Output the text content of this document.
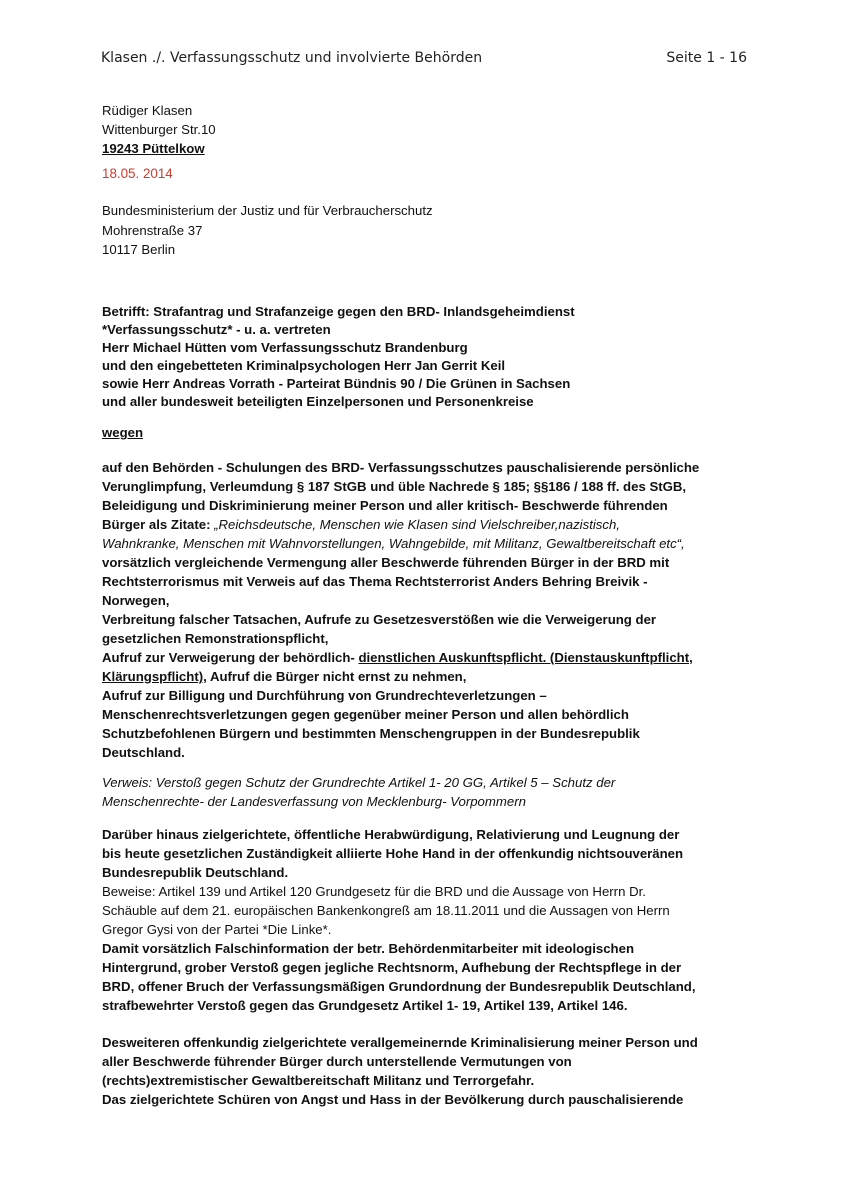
Klasen ./. Verfassungsschutz und involvierte Behörden	Seite 1 - 16
Rüdiger Klasen
Wittenburger Str.10
19243 Püttelkow
18.05. 2014
Bundesministerium der Justiz und für Verbraucherschutz
Mohrenstraße 37
10117 Berlin
Betrifft: Strafantrag und Strafanzeige gegen den BRD- Inlandsgeheimdienst
*Verfassungsschutz* - u. a. vertreten
Herr Michael Hütten vom Verfassungsschutz Brandenburg
und den eingebetteten Kriminalpsychologen Herr Jan Gerrit Keil
sowie Herr Andreas Vorrath - Parteirat Bündnis 90 / Die Grünen in Sachsen
und aller bundesweit beteiligten Einzelpersonen und Personenkreise
wegen
auf den Behörden - Schulungen des BRD- Verfassungsschutzes pauschalisierende persönliche
Verunglimpfung, Verleumdung § 187 StGB und üble Nachrede § 185; §§186 / 188 ff. des StGB,
Beleidigung und Diskriminierung meiner Person und aller kritisch- Beschwerde führenden
Bürger als Zitate: „Reichsdeutsche, Menschen wie Klasen sind Vielschreiber,nazistisch,
Wahnkranke, Menschen mit Wahnvorstellungen, Wahngebilde, mit Militanz, Gewaltbereitschaft etc“,
vorsätzlich vergleichende Vermengung aller Beschwerde führenden Bürger in der BRD mit
Rechtsterrorismus mit Verweis auf das Thema Rechtsterrorist Anders Behring Breivik -
Norwegen,
Verbreitung falscher Tatsachen, Aufrufe zu Gesetzesverstößen wie die Verweigerung der
gesetzlichen Remonstrationspflicht,
Aufruf zur Verweigerung der behördlich- dienstlichen Auskunftspflicht. (Dienstauskunftpflicht,
Klärungspflicht), Aufruf die Bürger nicht ernst zu nehmen,
Aufruf zur Billigung und Durchführung von Grundrechteverletzungen –
Menschenrechtsverletzungen gegen gegenüber meiner Person und allen behördlich
Schutzbefohlenen Bürgern und bestimmten Menschengruppen in der Bundesrepublik
Deutschland.
Verweis: Verstoß gegen Schutz der Grundrechte Artikel 1- 20 GG, Artikel 5 – Schutz der
Menschenrechte- der Landesverfassung von Mecklenburg- Vorpommern
Darüber hinaus zielgerichtete, öffentliche Herabwürdigung, Relativierung und Leugnung der
bis heute gesetzlichen Zuständigkeit alliierte Hohe Hand in der offenkundig nichtsouveränen
Bundesrepublik Deutschland.
Beweise: Artikel 139 und Artikel 120 Grundgesetz für die BRD und die Aussage von Herrn Dr.
Schäuble auf dem 21. europäischen Bankenkongreß am 18.11.2011 und die Aussagen von Herrn
Gregor Gysi von der Partei *Die Linke*.
Damit vorsätzlich Falschinformation der betr. Behördenmitarbeiter mit ideologischen
Hintergrund, grober Verstoß gegen jegliche Rechtsnorm, Aufhebung der Rechtspflege in der
BRD, offener Bruch der Verfassungsmäßigen Grundordnung der Bundesrepublik Deutschland,
strafbewehrter Verstoß gegen das Grundgesetz Artikel 1- 19, Artikel 139, Artikel 146.
Desweiteren offenkundig zielgerichtete verallgemeinernde Kriminalisierung meiner Person und
aller Beschwerde führender Bürger durch unterstellende Vermutungen von
(rechts)extremistischer Gewaltbereitschaft Militanz und Terrorgefahr.
Das zielgerichtete Schüren von Angst und Hass in der Bevölkerung durch pauschalisierende
